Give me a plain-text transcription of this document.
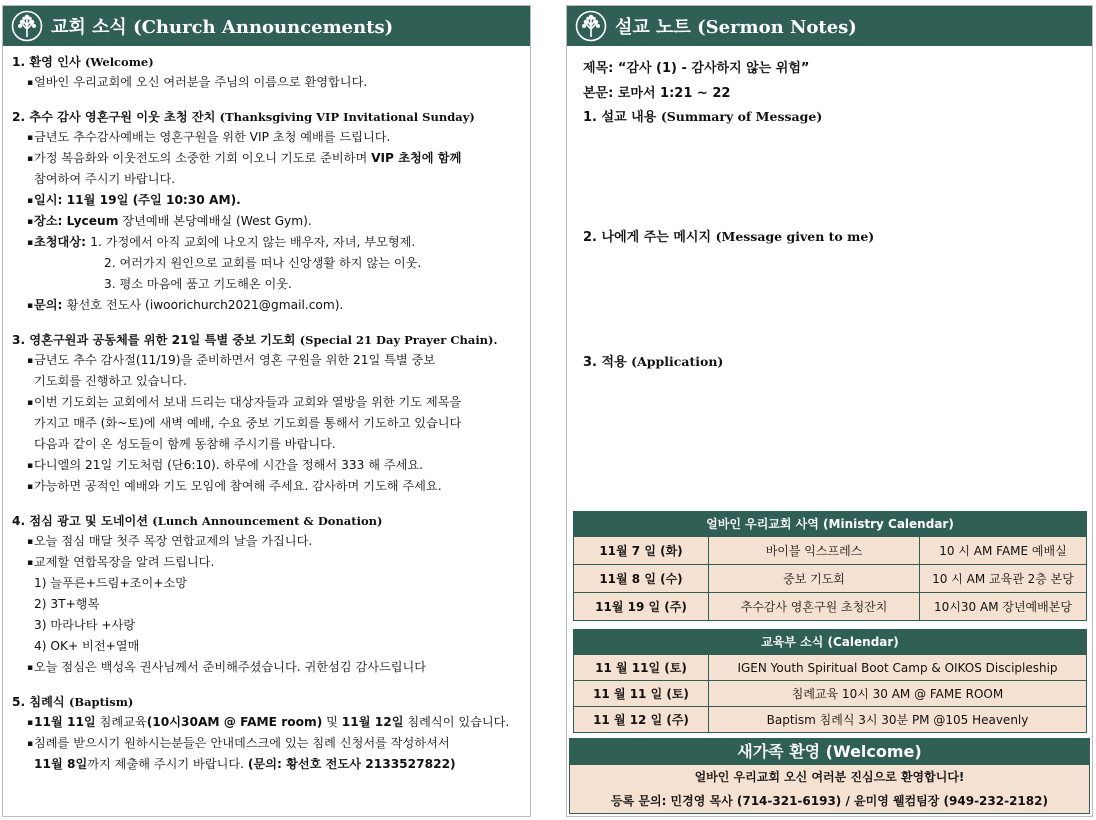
교회 소식 (Church Announcements)
1. 환영 인사 (Welcome)
▪ 얼바인 우리교회에 오신 여러분을 주님의 이름으로 환영합니다.
2. 추수 감사 영혼구원 이웃 초청 잔치 (Thanksgiving VIP Invitational Sunday)
▪ 금년도 추수감사예배는 영혼구원을 위한 VIP 초청 예배를 드립니다.
▪ 가정 복음화와 이웃전도의 소중한 기회 이오니 기도로 준비하며 VIP 초청에 함께
참여하여 주시기 바랍니다.
▪ 일시: 11월 19일 (주일 10:30 AM).
▪ 장소: Lyceum 장년예배 본당예배실 (West Gym).
▪ 초청대상: 1. 가정에서 아직 교회에 나오지 않는 배우자, 자녀, 부모형제.
2. 여러가지 원인으로 교회를 떠나 신앙생활 하지 않는 이웃.
3. 평소 마음에 품고 기도해온 이웃.
▪ 문의: 황선호 전도사 (iwoorichurch2021@gmail.com).
3. 영혼구원과 공동체를 위한 21일 특별 중보 기도회 (Special 21 Day Prayer Chain).
▪ 금년도 추수 감사절(11/19)을 준비하면서 영혼 구원을 위한 21일 특별 중보
기도회를 진행하고 있습니다.
▪ 이번 기도회는 교회에서 보내 드리는 대상자들과 교회와 열방을 위한 기도 제목을
가지고 매주 (화~토)에 새벽 예배, 수요 중보 기도회를 통해서 기도하고 있습니다
다음과 같이 온 성도들이 함께 동참해 주시기를 바랍니다.
▪ 다니엘의 21일 기도처럼 (단6:10). 하루에 시간을 정해서 333 해 주세요.
▪ 가능하면 공적인 예배와 기도 모임에 참여해 주세요. 감사하며 기도해 주세요.
4. 점심 광고 및 도네이션 (Lunch Announcement & Donation)
▪ 오늘 점심 매달 첫주 목장 연합교제의 날을 가집니다.
▪ 교제할 연합목장을 알려 드립니다.
1) 늘푸른+드림+조이+소망
2) 3T+행복
3) 마라나타 +사랑
4) OK+ 비전+열매
▪ 오늘 점심은 백성옥 권사님께서 준비해주셨습니다. 귀한섬김 감사드립니다
5. 침례식 (Baptism)
▪ 11월 11일 침례교육(10시30AM @ FAME room) 및 11월 12일 침례식이 있습니다.
▪ 침례를 받으시기 원하시는분들은 안내데스크에 있는 침례 신청서를 작성하셔서
11월 8일까지 제출해 주시기 바랍니다. (문의: 황선호 전도사 2133527822)
설교 노트 (Sermon Notes)
제목: “감사 (1) - 감사하지 않는 위험”
본문: 로마서 1:21 ~ 22
1. 설교 내용 (Summary of Message)
2. 나에게 주는 메시지 (Message given to me)
3. 적용 (Application)
얼바인 우리교회 사역 (Ministry Calendar)
11월 7 일 (화)	바이블 익스프레스	10 시 AM FAME 예배실
11월 8 일 (수)	중보 기도회	10 시 AM 교육관 2층 본당
11월 19 일 (주)	추수감사 영혼구원 초청잔치	10시30 AM 장년예배본당
교육부 소식 (Calendar)
11 월 11일 (토)	IGEN Youth Spiritual Boot Camp & OIKOS Discipleship
11 월 11 일 (토)	침례교육 10시 30 AM @ FAME ROOM
11 월 12 일 (주)	Baptism 침례식 3시 30분 PM @105 Heavenly
새가족 환영 (Welcome)
얼바인 우리교회 오신 여러분 진심으로 환영합니다!
등록 문의: 민경영 목사 (714-321-6193) / 윤미영 웰컴팀장 (949-232-2182)
